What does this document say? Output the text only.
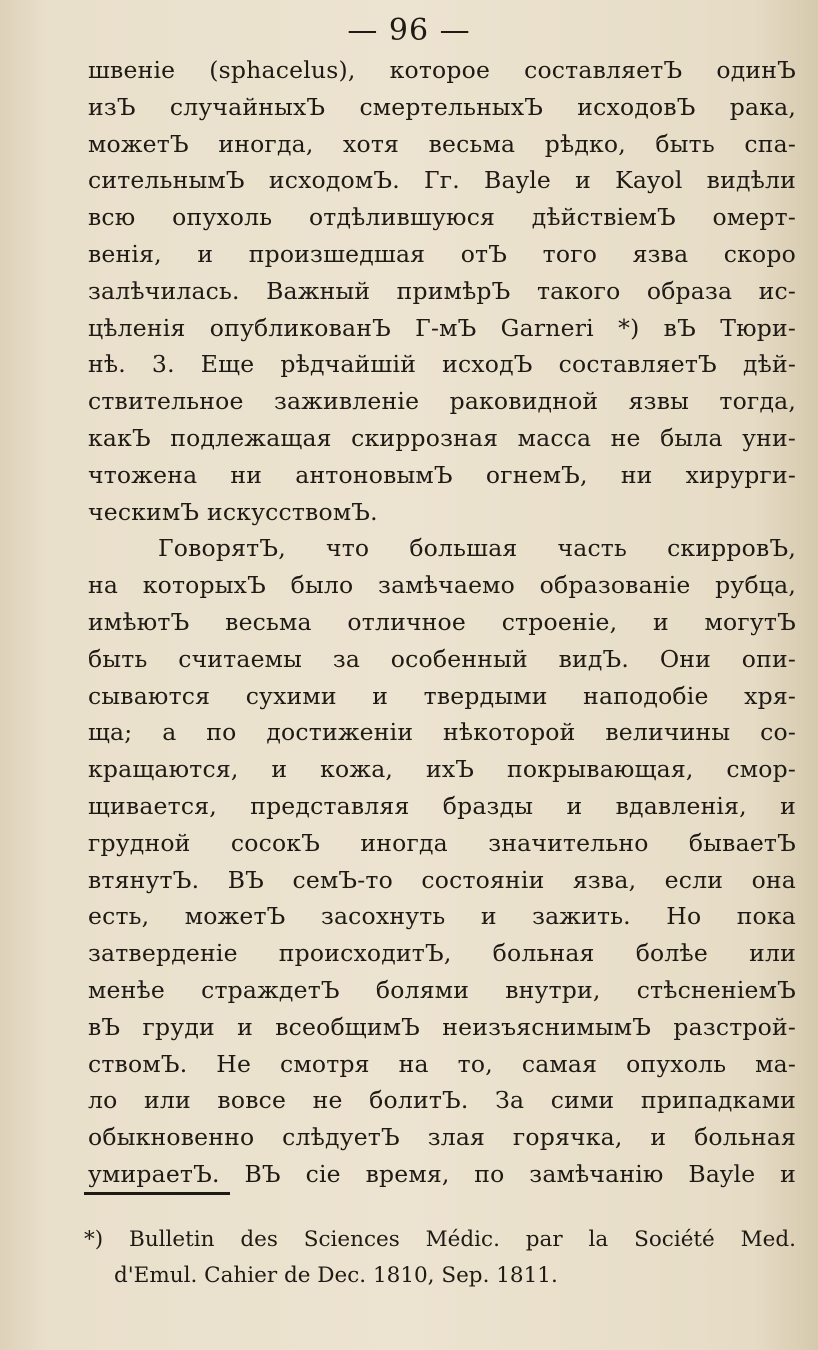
— 96 —
швенiе (sphacelus), которое составляетЪ одинЪ
изЪ случайныхЪ смертельныхЪ исходовЪ рака,
можетЪ иногда, хотя весьма рѣдко, быть спа-
сительнымЪ исходомЪ. Гг. Bayle и Kayol видѣли
всю опухоль отдѣлившуюся дѣйствiемЪ омерт-
венiя, и произшедшая отЪ того язва скоро
залѣчилась. Важный примѣрЪ такого образа ис-
цѣленiя опубликованЪ Г-мЪ Garneri *) вЪ Тюри-
нѣ. 3. Еще рѣдчайшiй исходЪ составляетЪ дѣй-
ствительное заживленiе раковидной язвы тогда,
какЪ подлежащая скиррозная масса не была уни-
чтожена ни антоновымЪ огнемЪ, ни хирурги-
ческимЪ искусствомЪ.
ГоворятЪ, что большая часть скирровЪ,
на которыхЪ было замѣчаемо образованiе рубца,
имѣютЪ весьма отличное строенiе, и могутЪ
быть считаемы за особенный видЪ. Они опи-
сываются сухими и твердыми наподобiе хря-
ща; а по достиженiи нѣкоторой величины со-
кращаются, и кожа, ихЪ покрывающая, смор-
щивается, представляя бразды и вдавленiя, и
грудной сосокЪ иногда значительно бываетЪ
втянутЪ. ВЪ семЪ-то состоянiи язва, если она
есть, можетЪ засохнуть и зажить. Но пока
затверденiе происходитЪ, больная болѣе или
менѣе страждетЪ болями внутри, стѣсненiемЪ
вЪ груди и всеобщимЪ неизъяснимымЪ разстрой-
ствомЪ. Не смотря на то, самая опухоль ма-
ло или вовсе не болитЪ. За сими припадками
обыкновенно слѣдуетЪ злая горячка, и больная
умираетЪ. ВЪ сiе время, по замѣчанiю Bayle и
*) Bulletin des Sciences Médic. par la Société Med.
d'Emul. Cahier de Dec. 1810, Sep. 1811.
